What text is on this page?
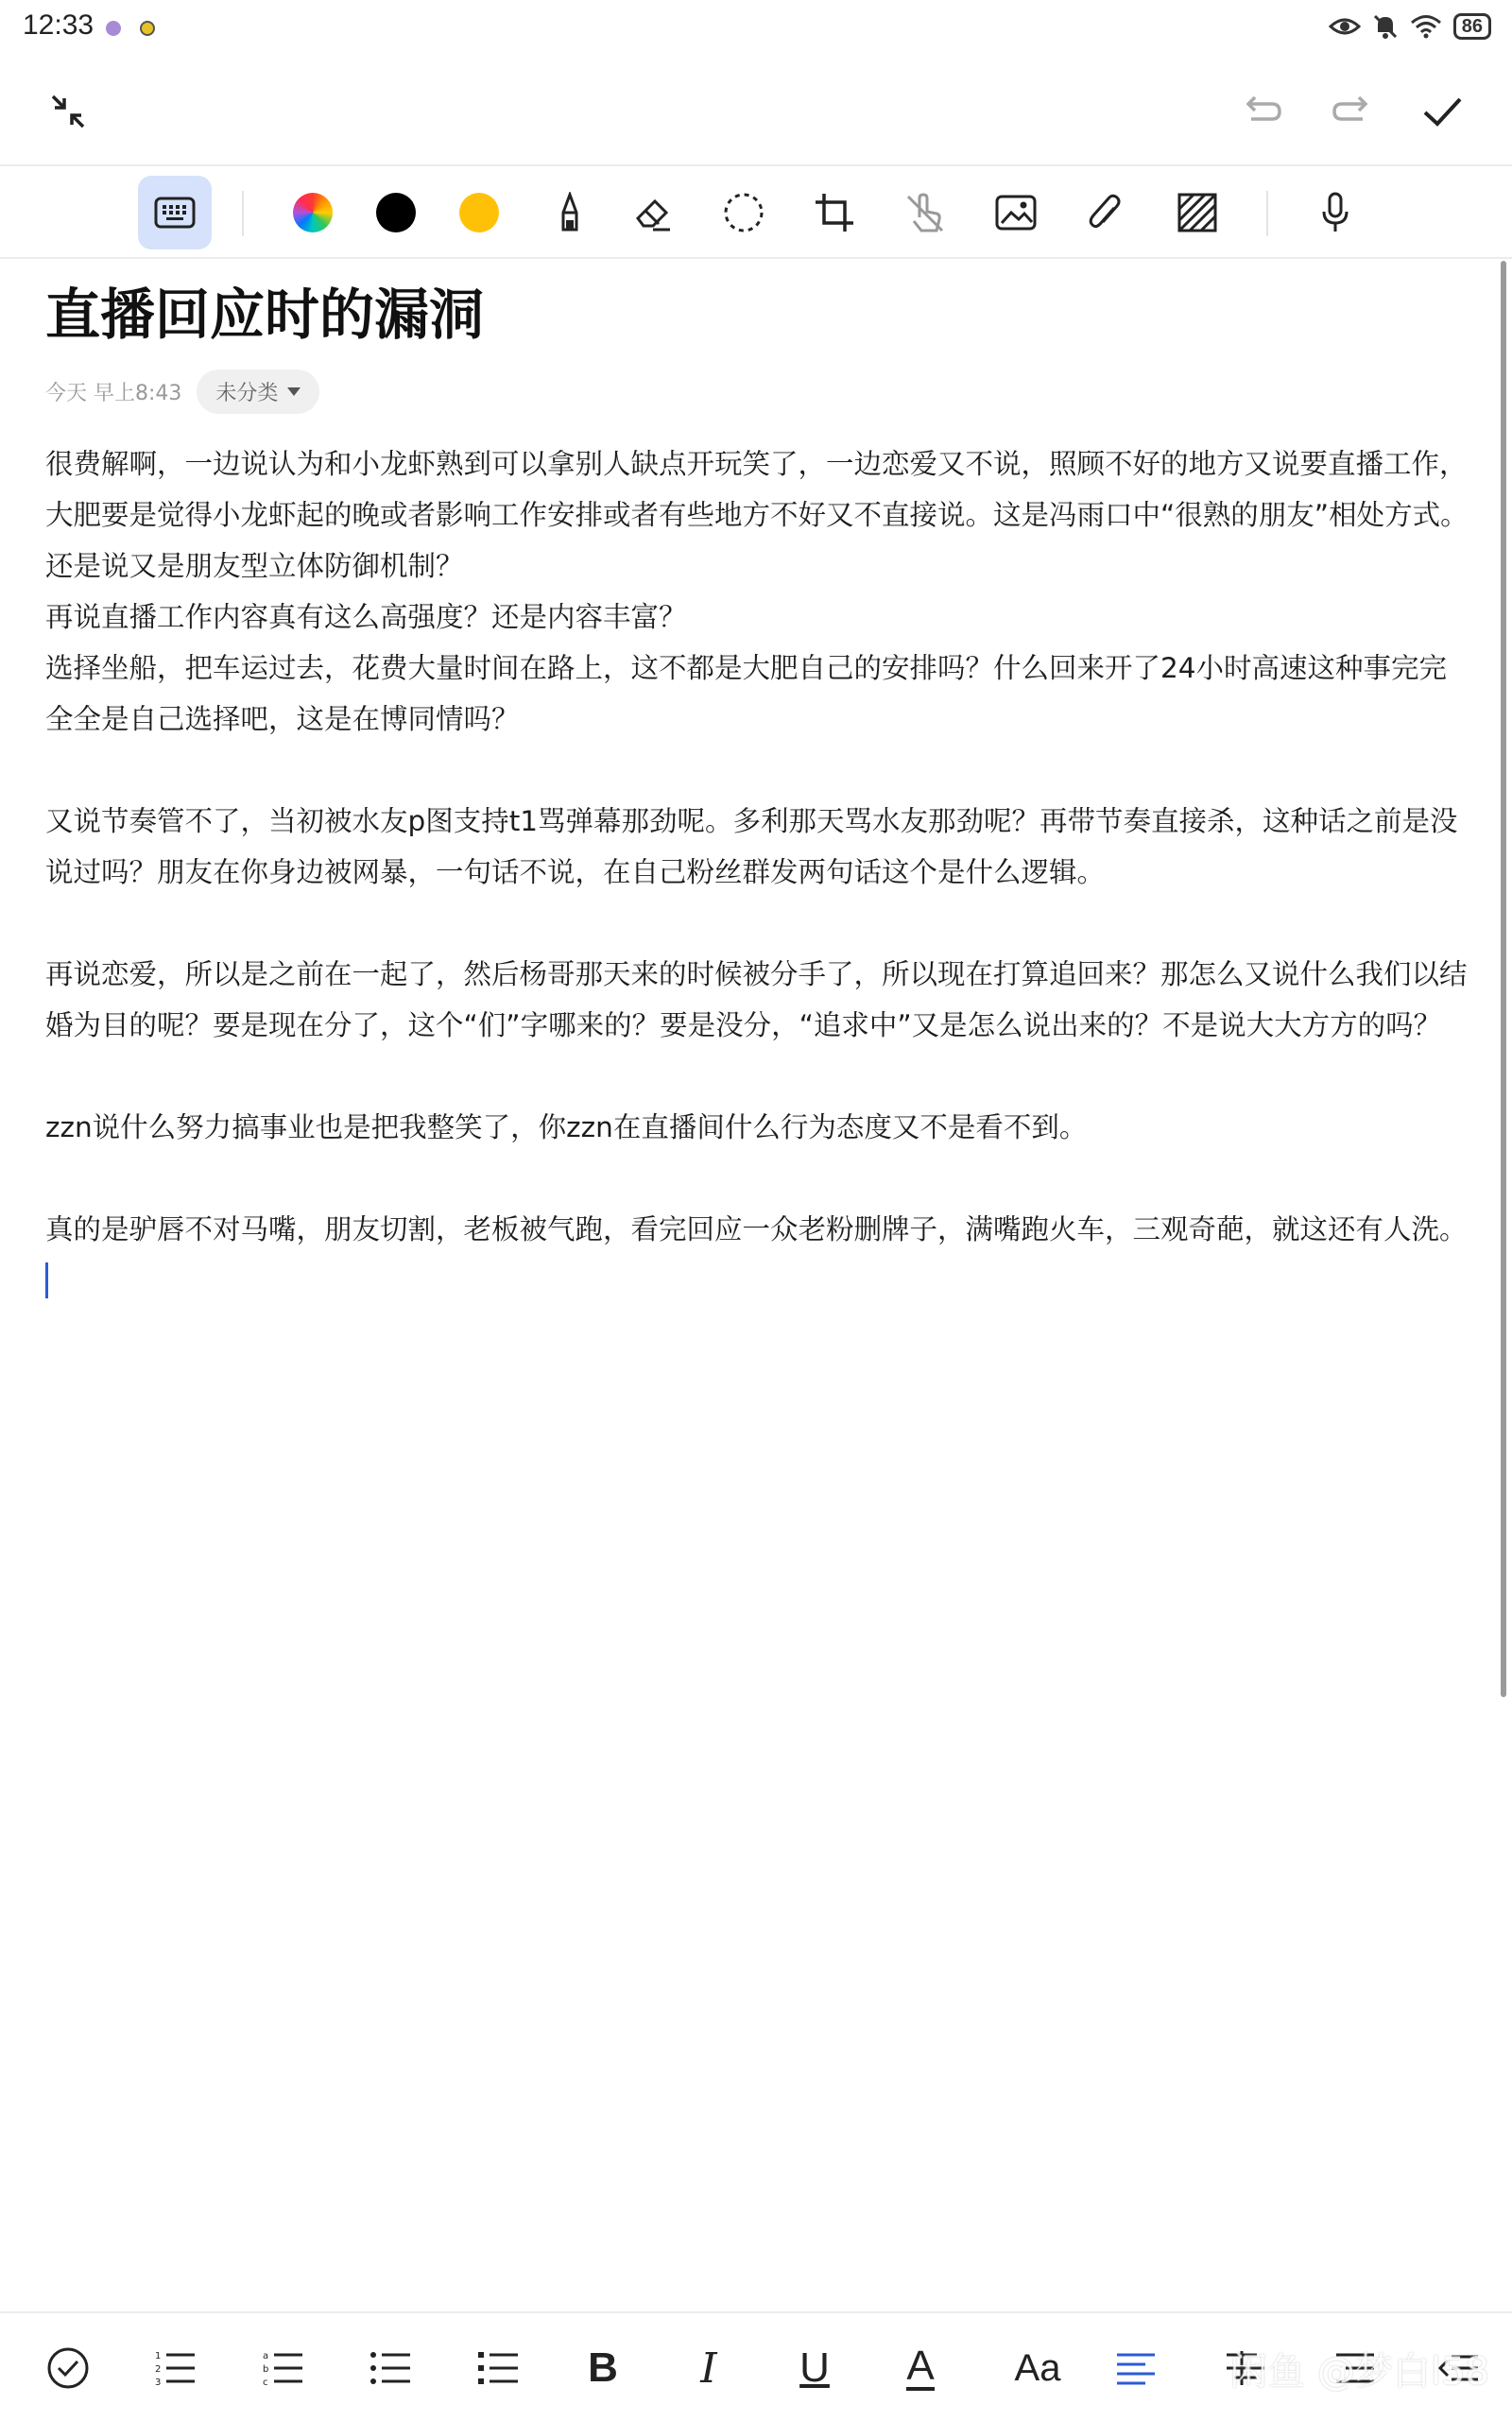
12:33	86
直播回应时的漏洞
今天 早上8:43 未分类
很费解啊，一边说认为和小龙虾熟到可以拿别人缺点开玩笑了，一边恋爱又不说，照顾不好的地方又说要直播工作，大肥要是觉得小龙虾起的晚或者影响工作安排或者有些地方不好又不直接说。这是冯雨口中“很熟的朋友”相处方式。还是说又是朋友型立体防御机制？
再说直播工作内容真有这么高强度？还是内容丰富？
选择坐船，把车运过去，花费大量时间在路上，这不都是大肥自己的安排吗？什么回来开了24小时高速这种事完完全全是自己选择吧，这是在博同情吗？
又说节奏管不了，当初被水友p图支持t1骂弹幕那劲呢。多利那天骂水友那劲呢？再带节奏直接杀，这种话之前是没说过吗？朋友在你身边被网暴，一句话不说，在自己粉丝群发两句话这个是什么逻辑。
再说恋爱，所以是之前在一起了，然后杨哥那天来的时候被分手了，所以现在打算追回来？那怎么又说什么我们以结婚为目的呢？要是现在分了，这个“们”字哪来的？要是没分，“追求中”又是怎么说出来的？不是说大大方方的吗？
zzn说什么努力搞事业也是把我整笑了，你zzn在直播间什么行为态度又不是看不到。
真的是驴唇不对马嘴，朋友切割，老板被气跑，看完回应一众老粉删牌子，满嘴跑火车，三观奇葩，就这还有人洗。
1
2
3
a
b
c	B I U A Aa	闲鱼 @梦白l58
